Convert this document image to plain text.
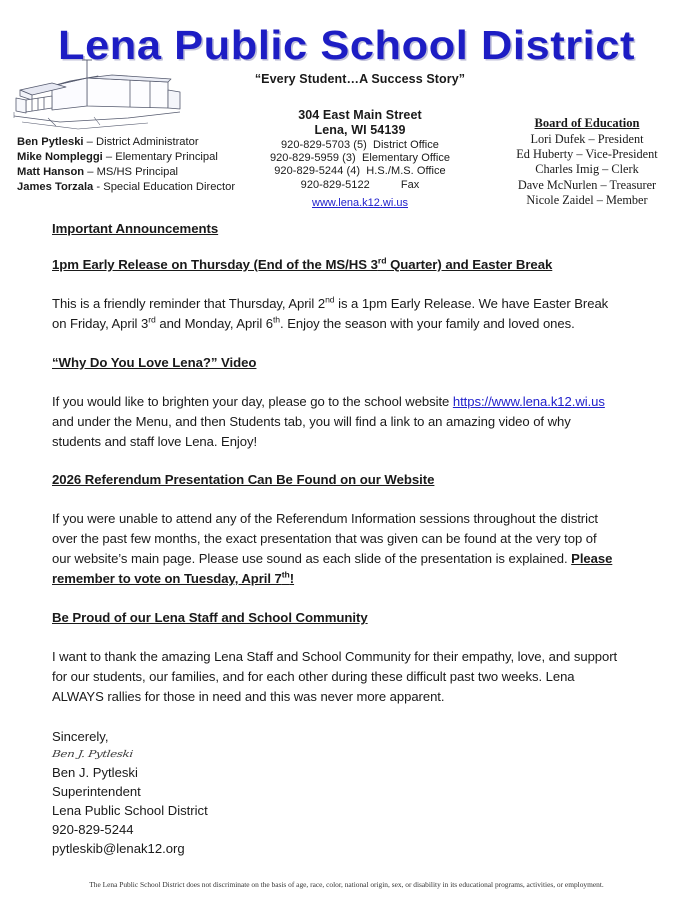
Lena Public School District
“Every Student…A Success Story”
304 East Main Street
Lena, WI 54139
920-829-5703 (5)  District Office
920-829-5959 (3)  Elementary Office
920-829-5244 (4)  H.S./M.S. Office
920-829-5122          Fax
www.lena.k12.wi.us
Ben Pytleski – District Administrator
Mike Nompleggi – Elementary Principal
Matt Hanson – MS/HS Principal
James Torzala - Special Education Director
Board of Education
Lori Dufek – President
Ed Huberty – Vice-President
Charles Imig – Clerk
Dave McNurlen – Treasurer
Nicole Zaidel – Member
Important Announcements
1pm Early Release on Thursday (End of the MS/HS 3rd Quarter) and Easter Break

This is a friendly reminder that Thursday, April 2nd is a 1pm Early Release. We have Easter Break on Friday, April 3rd and Monday, April 6th. Enjoy the season with your family and loved ones.

“Why Do You Love Lena?” Video

If you would like to brighten your day, please go to the school website https://www.lena.k12.wi.us and under the Menu, and then Students tab, you will find a link to an amazing video of why students and staff love Lena. Enjoy!

2026 Referendum Presentation Can Be Found on our Website

If you were unable to attend any of the Referendum Information sessions throughout the district over the past few months, the exact presentation that was given can be found at the very top of our website’s main page. Please use sound as each slide of the presentation is explained. Please remember to vote on Tuesday, April 7th!

Be Proud of our Lena Staff and School Community

I want to thank the amazing Lena Staff and School Community for their empathy, love, and support for our students, our families, and for each other during these difficult past two weeks. Lena ALWAYS rallies for those in need and this was never more apparent.

Sincerely,
Ben J. Pytleski
Ben J. Pytleski
Superintendent
Lena Public School District
920-829-5244
pytleskib@lenak12.org
The Lena Public School District does not discriminate on the basis of age, race, color, national origin, sex, or disability in its educational programs, activities, or employment.
